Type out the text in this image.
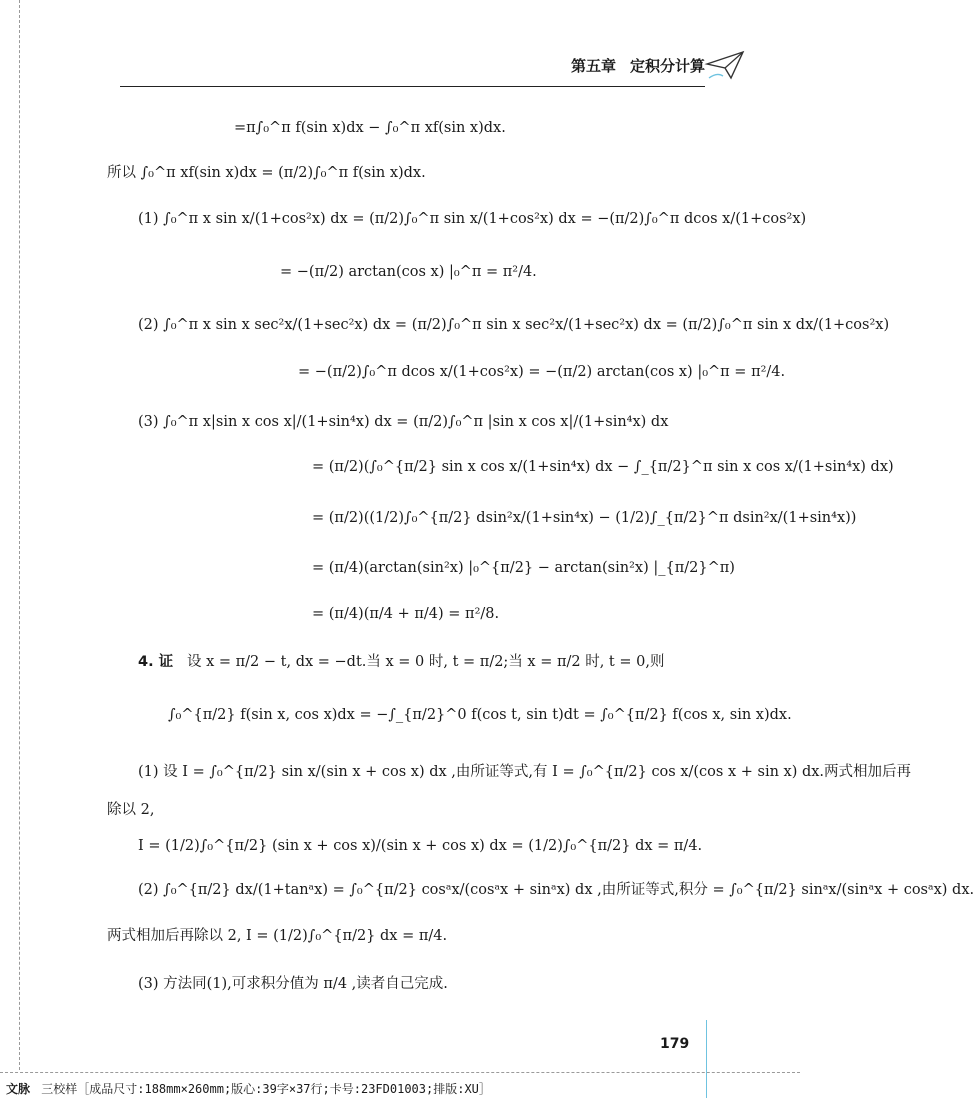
第五章 定积分计算
=π∫₀^π f(sin x)dx − ∫₀^π xf(sin x)dx.
所以 ∫₀^π xf(sin x)dx = (π/2)∫₀^π f(sin x)dx.
(1) ∫₀^π x sin x/(1+cos²x) dx = (π/2)∫₀^π sin x/(1+cos²x) dx = −(π/2)∫₀^π dcos x/(1+cos²x)
= −(π/2) arctan(cos x) |₀^π = π²/4.
(2) ∫₀^π x sin x sec²x/(1+sec²x) dx = (π/2)∫₀^π sin x sec²x/(1+sec²x) dx = (π/2)∫₀^π sin x dx/(1+cos²x)
= −(π/2)∫₀^π dcos x/(1+cos²x) = −(π/2) arctan(cos x) |₀^π = π²/4.
(3) ∫₀^π x|sin x cos x|/(1+sin⁴x) dx = (π/2)∫₀^π |sin x cos x|/(1+sin⁴x) dx
= (π/2)(∫₀^{π/2} sin x cos x/(1+sin⁴x) dx − ∫_{π/2}^π sin x cos x/(1+sin⁴x) dx)
= (π/2)((1/2)∫₀^{π/2} dsin²x/(1+sin⁴x) − (1/2)∫_{π/2}^π dsin²x/(1+sin⁴x))
= (π/4)(arctan(sin²x) |₀^{π/2} − arctan(sin²x) |_{π/2}^π)
= (π/4)(π/4 + π/4) = π²/8.
4. 证 设 x = π/2 − t, dx = −dt.当 x = 0 时, t = π/2;当 x = π/2 时, t = 0,则
∫₀^{π/2} f(sin x, cos x)dx = −∫_{π/2}^0 f(cos t, sin t)dt = ∫₀^{π/2} f(cos x, sin x)dx.
(1) 设 I = ∫₀^{π/2} sin x/(sin x + cos x) dx ,由所证等式,有 I = ∫₀^{π/2} cos x/(cos x + sin x) dx.两式相加后再
除以 2,
I = (1/2)∫₀^{π/2} (sin x + cos x)/(sin x + cos x) dx = (1/2)∫₀^{π/2} dx = π/4.
(2) ∫₀^{π/2} dx/(1+tanᵃx) = ∫₀^{π/2} cosᵃx/(cosᵃx + sinᵃx) dx ,由所证等式,积分 = ∫₀^{π/2} sinᵃx/(sinᵃx + cosᵃx) dx.
两式相加后再除以 2, I = (1/2)∫₀^{π/2} dx = π/4.
(3) 方法同(1),可求积分值为 π/4 ,读者自己完成.
179
文脉 三校样［成品尺寸:188mm×260mm;版心:39字×37行;卡号:23FD01003;排版:XU］
